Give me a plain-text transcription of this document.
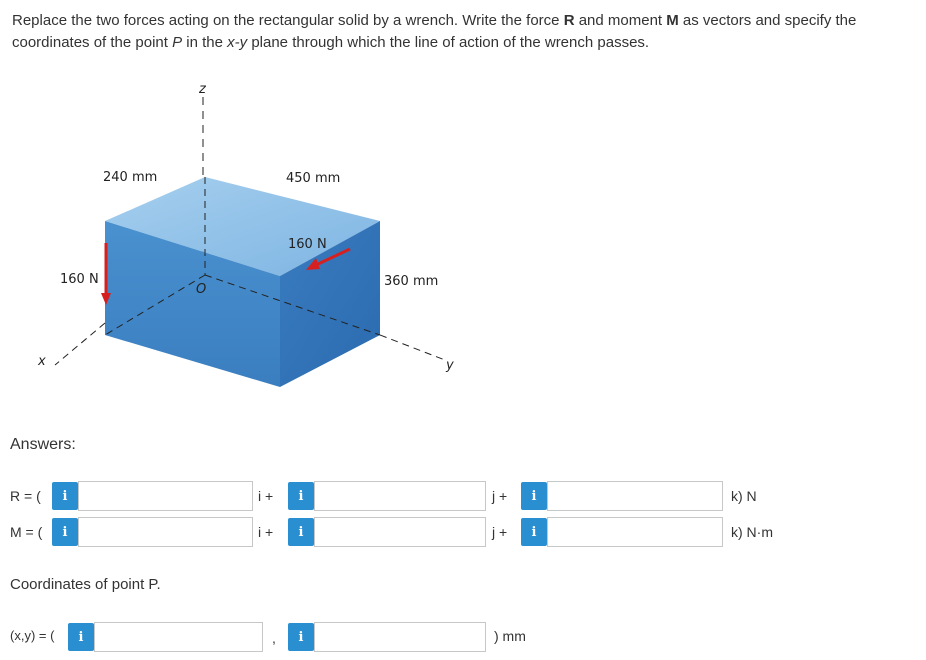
Replace the two forces acting on the rectangular solid by a wrench. Write the force R and moment M as vectors and specify the coordinates of the point P in the x-y plane through which the line of action of the wrench passes.
z
x	y
O
160 N
160 N
240 mm	450 mm
360 mm
Answers:
R = (	i	i +	i	j +	i	k) N
M = (	i	i +	i	j +	i	k) N·m
Coordinates of point P.
(x,y) = (	i	,	i	) mm
